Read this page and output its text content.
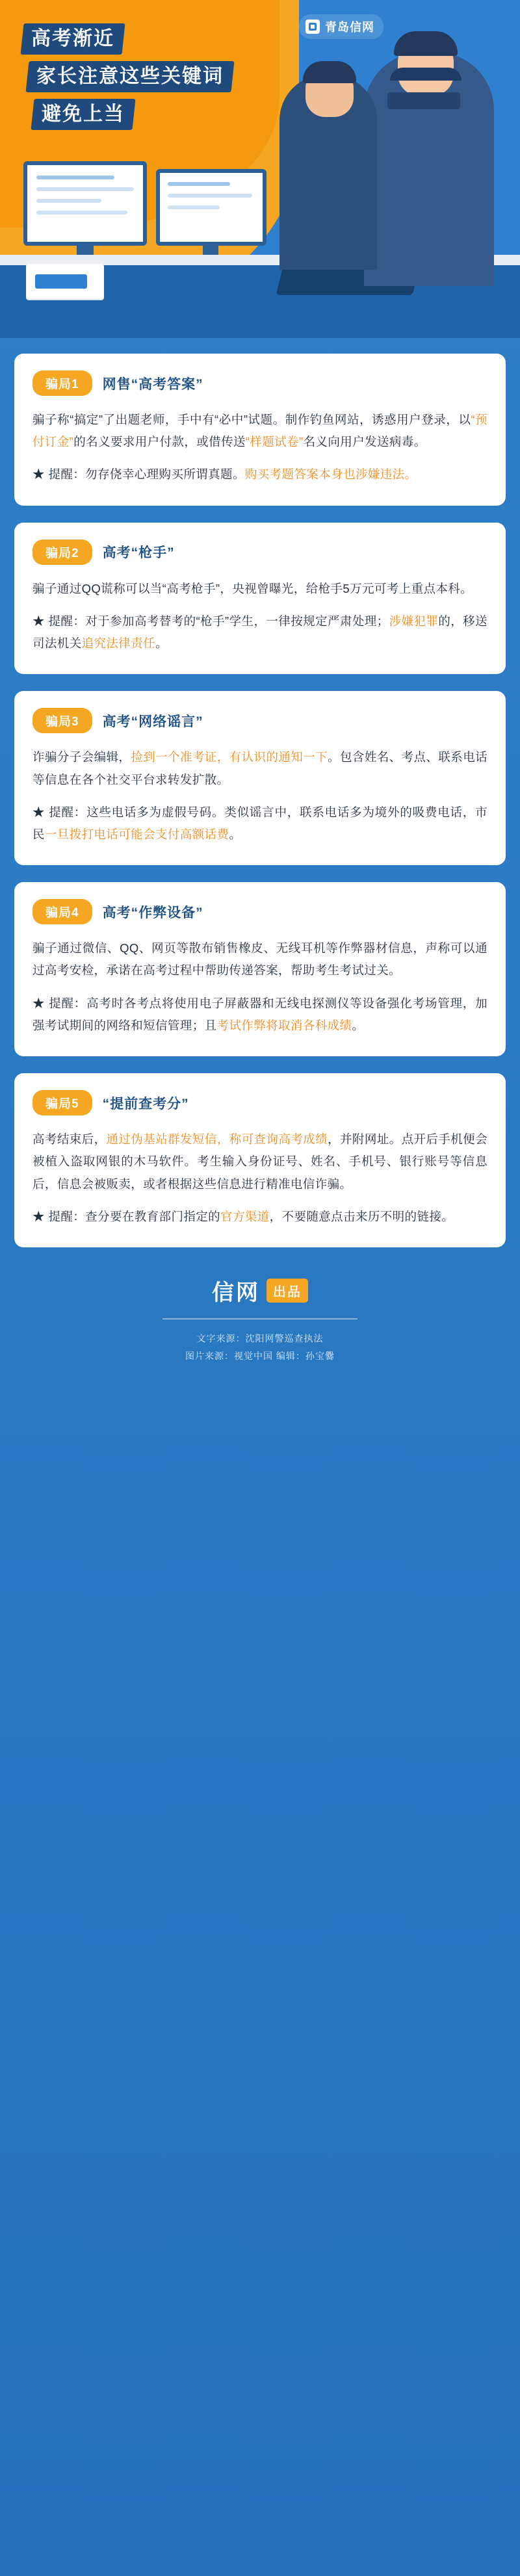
高考渐近
家长注意这些关键词
避免上当
青岛信网
骗局1	网售“高考答案”

骗子称“搞定”了出题老师，手中有“必中”试题。制作钓鱼网站，诱惑用户登录，以“预付订金”的名义要求用户付款，或借传送“样题试卷”名义向用户发送病毒。

★ 提醒：勿存侥幸心理购买所谓真题。购买考题答案本身也涉嫌违法。

骗局2	高考“枪手”

骗子通过QQ谎称可以当“高考枪手”，央视曾曝光，给枪手5万元可考上重点本科。

★ 提醒：对于参加高考替考的“枪手”学生，一律按规定严肃处理；涉嫌犯罪的，移送司法机关追究法律责任。

骗局3	高考“网络谣言”

诈骗分子会编辑，捡到一个准考证，有认识的通知一下。包含姓名、考点、联系电话等信息在各个社交平台求转发扩散。

★ 提醒：这些电话多为虚假号码。类似谣言中，联系电话多为境外的吸费电话，市民一旦拨打电话可能会支付高额话费。

骗局4	高考“作弊设备”

骗子通过微信、QQ、网页等散布销售橡皮、无线耳机等作弊器材信息，声称可以通过高考安检，承诺在高考过程中帮助传递答案，帮助考生考试过关。

★ 提醒：高考时各考点将使用电子屏蔽器和无线电探测仪等设备强化考场管理，加强考试期间的网络和短信管理；且考试作弊将取消各科成绩。

骗局5	“提前查考分”

高考结束后，通过伪基站群发短信，称可查询高考成绩，并附网址。点开后手机便会被植入盗取网银的木马软件。考生输入身份证号、姓名、手机号、银行账号等信息后，信息会被贩卖，或者根据这些信息进行精准电信诈骗。

★ 提醒：查分要在教育部门指定的官方渠道，不要随意点击来历不明的链接。

信网	出品
文字来源：沈阳网警巡查执法
图片来源：视觉中国 编辑：孙宝爨
